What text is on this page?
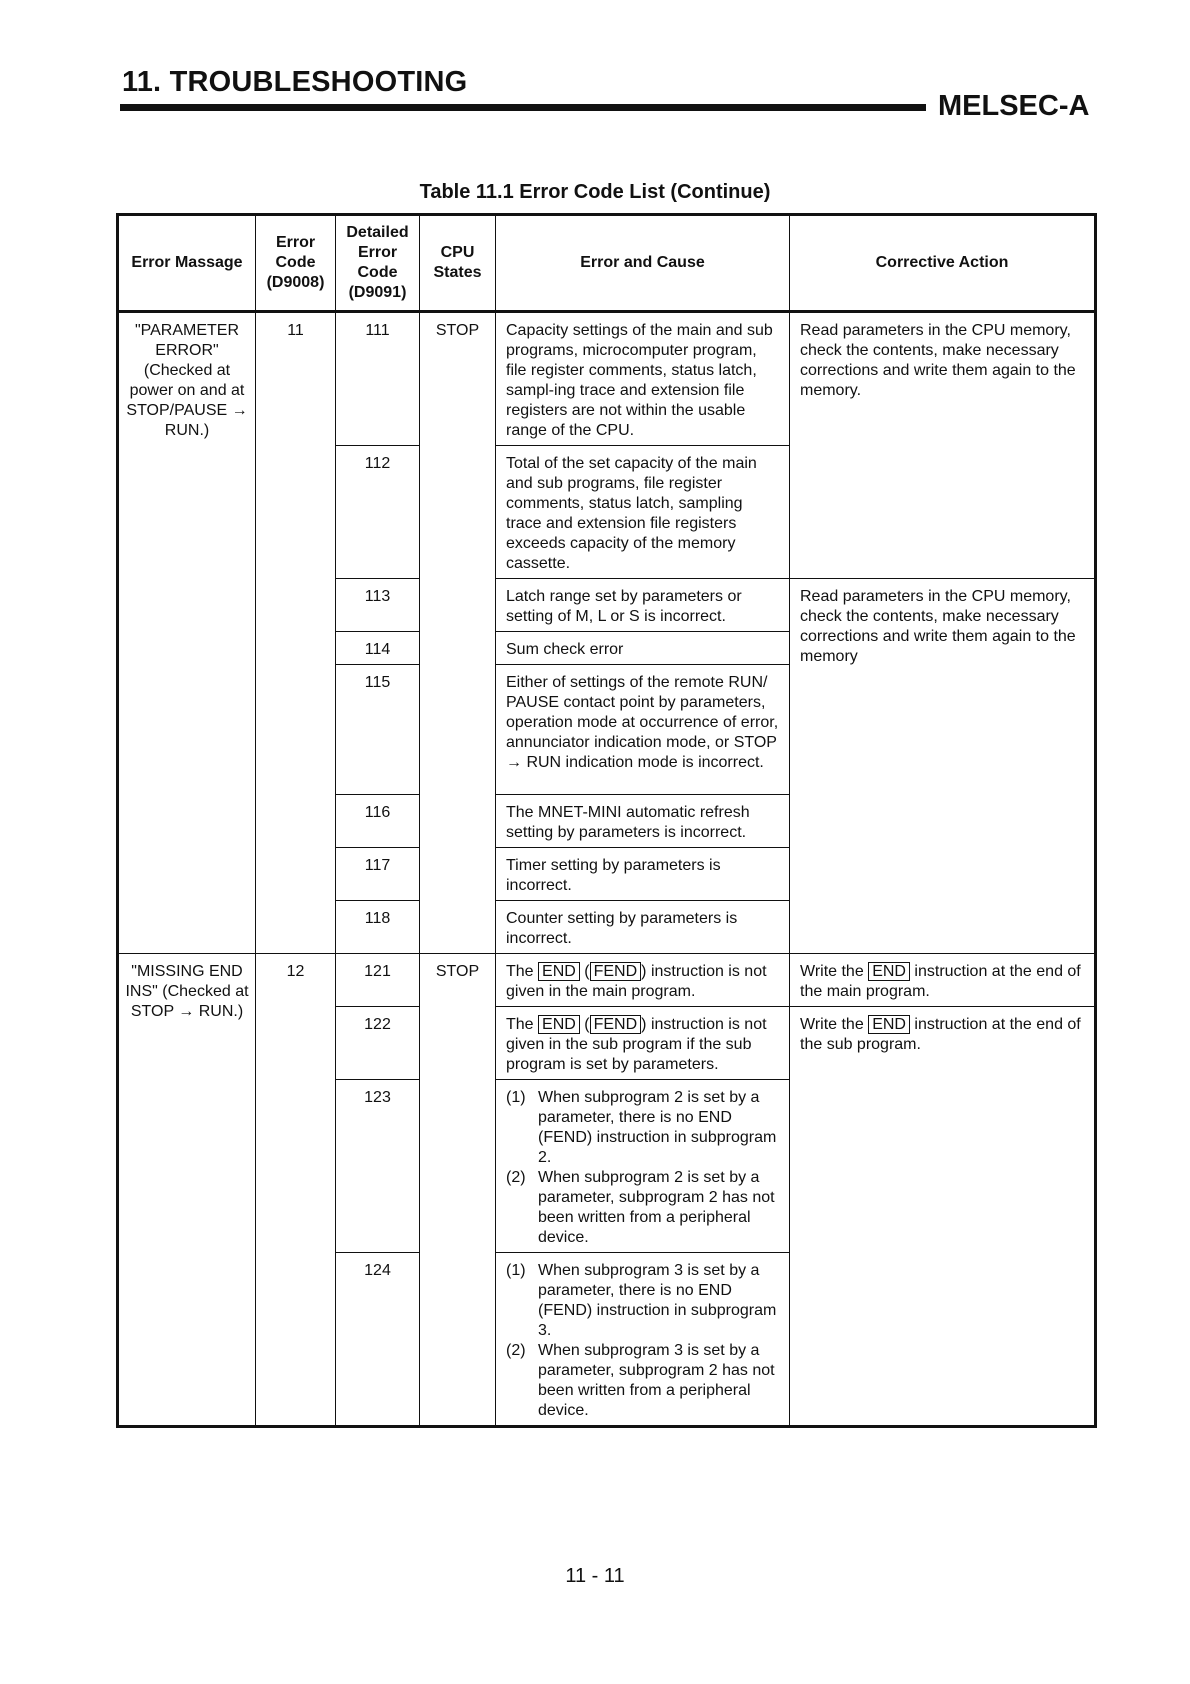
11. TROUBLESHOOTING
MELSEC-A
Table 11.1 Error Code List (Continue)
Error Massage	Error Code (D9008)	Detailed Error Code (D9091)	CPU States	Error and Cause	Corrective Action
"PARAMETER ERROR" (Checked at power on and at STOP/PAUSE → RUN.)	11	111	STOP	Capacity settings of the main and sub programs, microcomputer program, file register comments, status latch, sampl-ing trace and extension file registers are not within the usable range of the CPU.	Read parameters in the CPU memory, check the contents, make necessary corrections and write them again to the memory.
		112		Total of the set capacity of the main and sub programs, file register comments, status latch, sampling trace and extension file registers exceeds capacity of the memory cassette.	
		113		Latch range set by parameters or setting of M, L or S is incorrect.	Read parameters in the CPU memory, check the contents, make necessary corrections and write them again to the memory
		114		Sum check error	
		115		Either of settings of the remote RUN/ PAUSE contact point by parameters, operation mode at occurrence of error, annunciator indication mode, or STOP → RUN indication mode is incorrect.	
		116		The MNET-MINI automatic refresh setting by parameters is incorrect.	
		117		Timer setting by parameters is incorrect.	
		118		Counter setting by parameters is incorrect.	
"MISSING END INS" (Checked at STOP → RUN.)	12	121	STOP	The END ( FEND ) instruction is not given in the main program.	Write the END instruction at the end of the main program.
		122		The END ( FEND ) instruction is not given in the sub program if the sub program is set by parameters.	Write the END instruction at the end of the sub program.
		123		(1) When subprogram 2 is set by a parameter, there is no END (FEND) instruction in subprogram 2.
(2) When subprogram 2 is set by a parameter, subprogram 2 has not been written from a peripheral device.	

		124		(1) When subprogram 3 is set by a parameter, there is no END (FEND) instruction in subprogram 3.
(2) When subprogram 3 is set by a parameter, subprogram 2 has not been written from a peripheral device.	
11 - 11
